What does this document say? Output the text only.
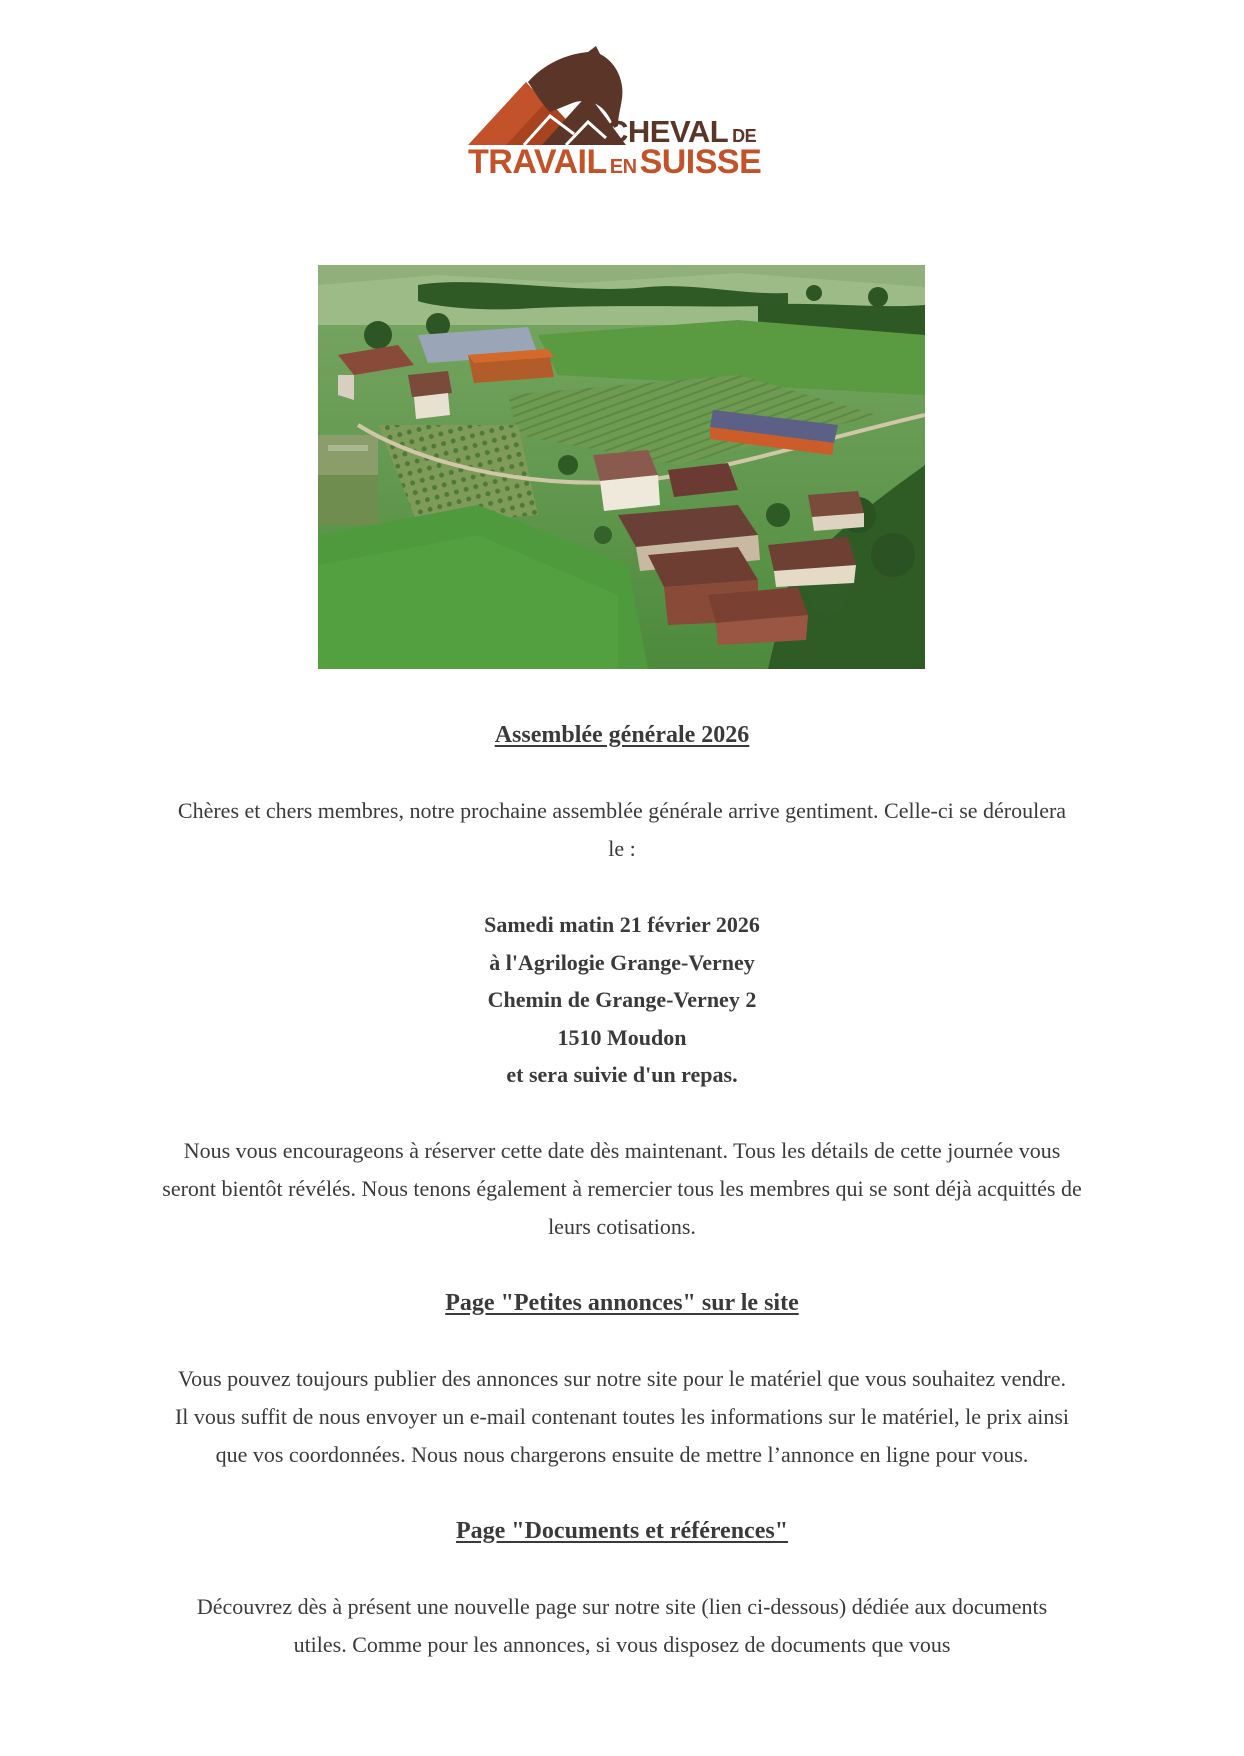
CHEVAL DE
TRAVAIL ENSUISSE
Assemblée générale 2026

Chères et chers membres, notre prochaine assemblée générale arrive gentiment. Celle-ci se déroulera le :

Samedi matin 21 février 2026
à l'Agrilogie Grange-Verney
Chemin de Grange-Verney 2
1510 Moudon
et sera suivie d'un repas.

Nous vous encourageons à réserver cette date dès maintenant. Tous les détails de cette journée vous seront bientôt révélés. Nous tenons également à remercier tous les membres qui se sont déjà acquittés de leurs cotisations.

Page "Petites annonces" sur le site

Vous pouvez toujours publier des annonces sur notre site pour le matériel que vous souhaitez vendre. Il vous suffit de nous envoyer un e-mail contenant toutes les informations sur le matériel, le prix ainsi que vos coordonnées. Nous nous chargerons ensuite de mettre l’annonce en ligne pour vous.

Page "Documents et références"

Découvrez dès à présent une nouvelle page sur notre site (lien ci-dessous) dédiée aux documents utiles. Comme pour les annonces, si vous disposez de documents que vous
